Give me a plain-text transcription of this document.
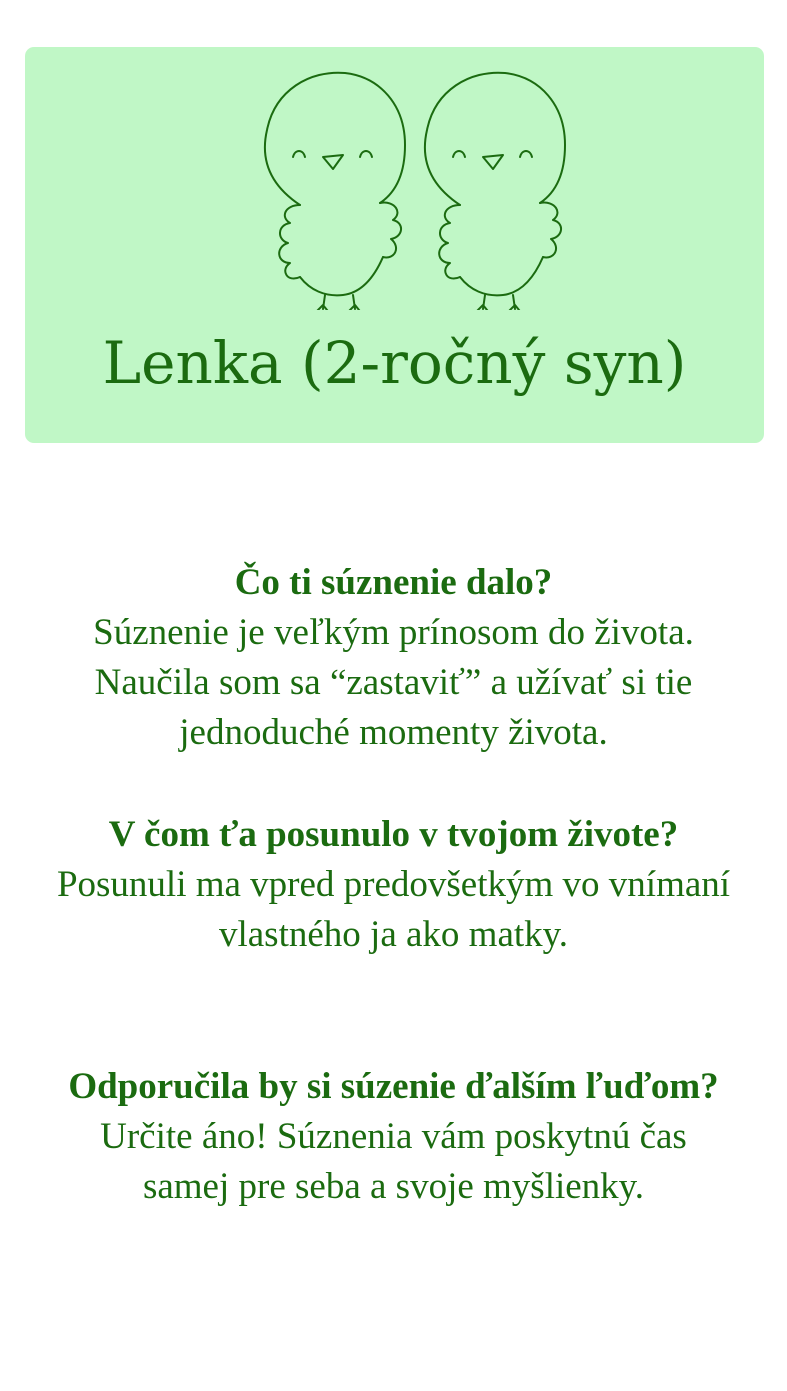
Lenka (2-ročný syn)
Čo ti súznenie dalo?
Súznenie je veľkým prínosom do života.
Naučila som sa “zastaviť” a užívať si tie
jednoduché momenty života.
V čom ťa posunulo v tvojom živote?
Posunuli ma vpred predovšetkým vo vnímaní
vlastného ja ako matky.
Odporučila by si súzenie ďalším ľuďom?
Určite áno! Súznenia vám poskytnú čas
samej pre seba a svoje myšlienky.
